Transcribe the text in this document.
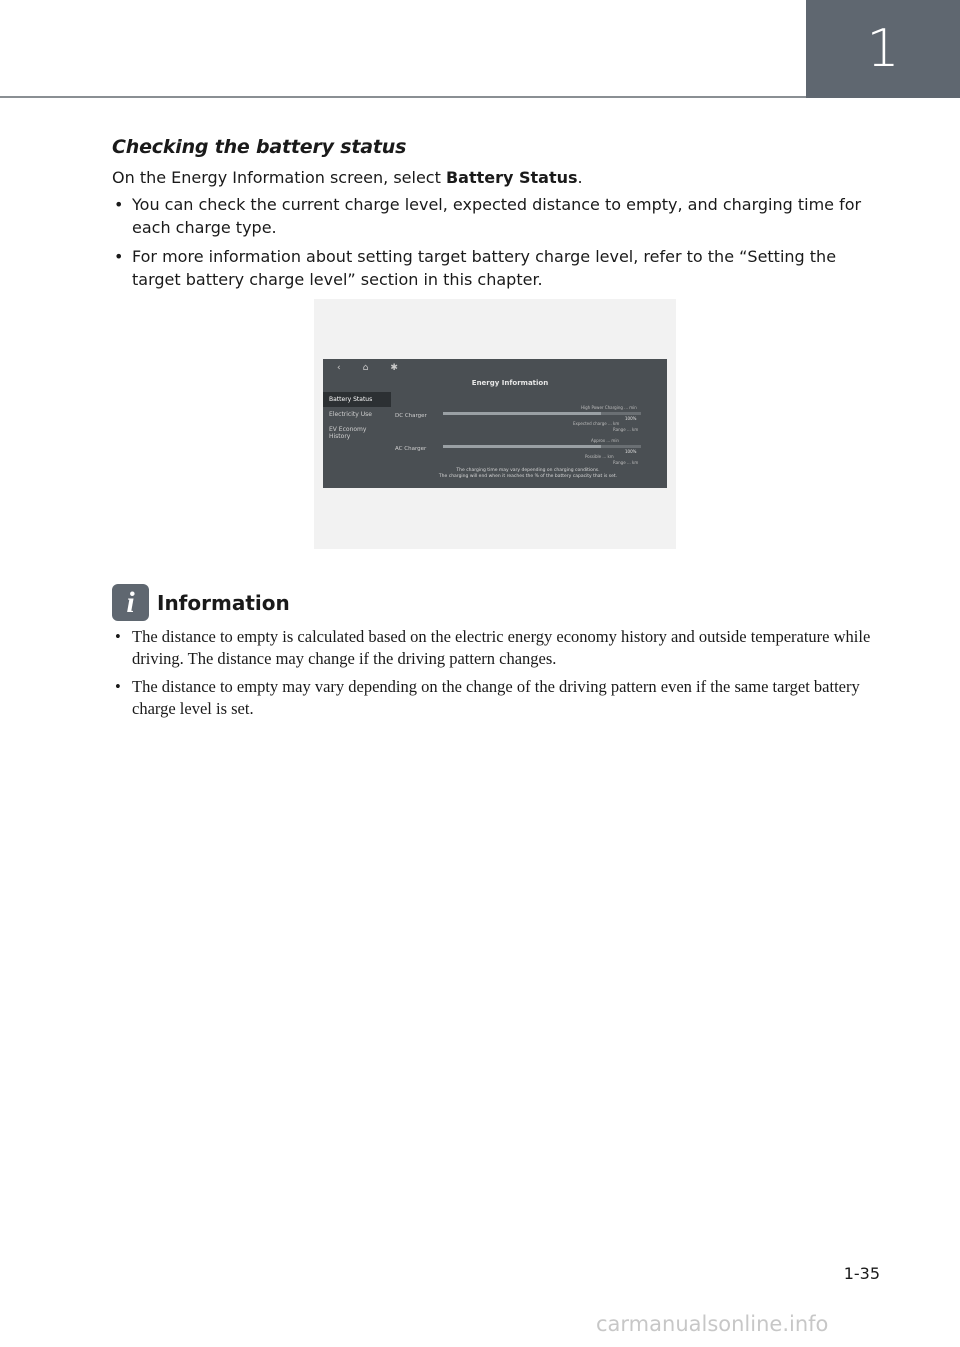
1
Checking the battery status

On the Energy Information screen, select Battery Status.

• You can check the current charge level, expected distance to empty, and charging time for each charge type.
• For more information about setting target battery charge level, refer to the “Setting the target battery charge level” section in this chapter.
‹⌂✱
Energy Information
Battery Status
Electricity Use
EV Economy History
DC Charger
High Power Charging ... min
100%
Expected charge ... km
Range ... km
AC Charger
Approx ... min
100%
Possible ... km
Range ... km
The charging time may vary depending on charging conditions.
The charging will end when it reaches the % of the battery capacity that is set.
i	Information
• The distance to empty is calculated based on the electric energy economy history and outside temperature while driving. The distance may change if the driving pattern changes.
• The distance to empty may vary depending on the change of the driving pattern even if the same target battery charge level is set.
1-35
carmanualsonline.info
